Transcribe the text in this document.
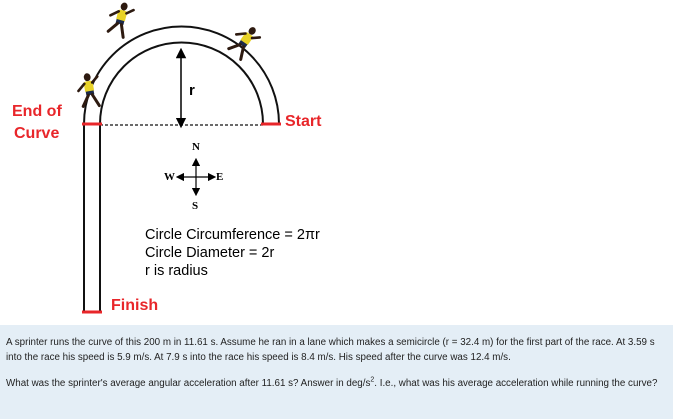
End of
Curve
Start
Finish
r
N
S
W	E
Circle Circumference = 2πr
Circle Diameter = 2r
r is radius

A sprinter runs the curve of this 200 m in 11.61 s. Assume he ran in a lane which makes a semicircle (r = 32.4 m) for the first part of the race. At 3.59 s into the race his speed is 5.9 m/s. At 7.9 s into the race his speed is 8.4 m/s. His speed after the curve was 12.4 m/s.

What was the sprinter's average angular acceleration after 11.61 s? Answer in deg/$s^2$. I.e., what was his average acceleration while running the curve?
